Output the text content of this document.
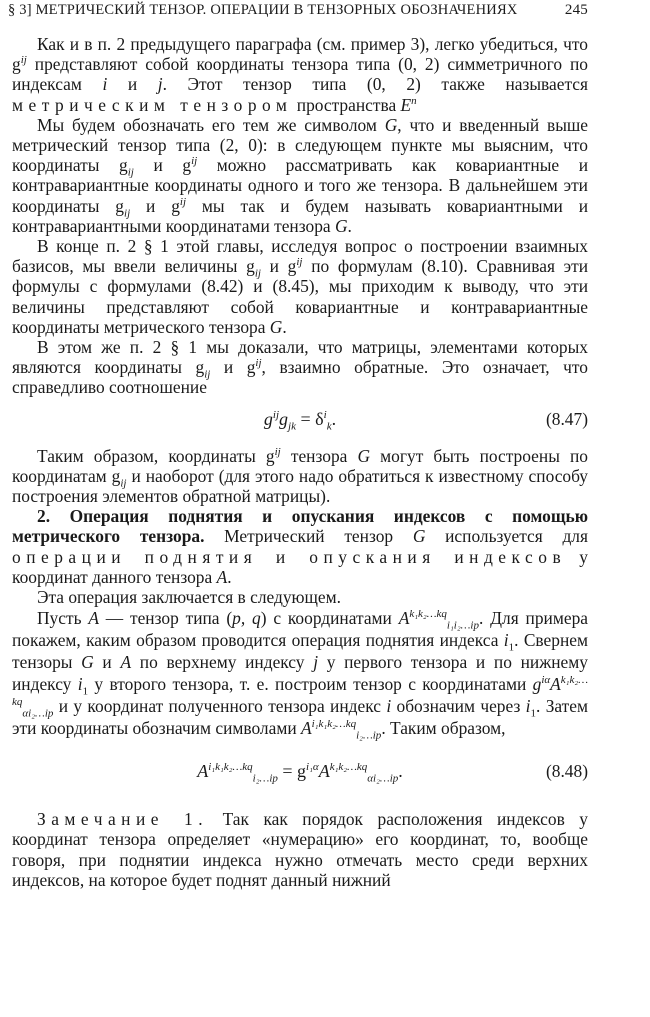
§ 3] МЕТРИЧЕСКИЙ ТЕНЗОР. ОПЕРАЦИИ В ТЕНЗОРНЫХ ОБОЗНАЧЕНИЯХ	245

Как и в п. 2 предыдущего параграфа (см. пример 3), легко убедиться, что $g^{ij}$ представляют собой координаты тензора типа (0, 2) симметричного по индексам i и j. Этот тензор типа (0, 2) также называется метрическим тензором пространства $E^n$

Мы будем обозначать его тем же символом G, что и введенный выше метрический тензор типа (2, 0): в следующем пункте мы выясним, что координаты $g_{ij}$ и $g^{ij}$ можно рассматривать как ковариантные и контравариантные координаты одного и того же тензора. В дальнейшем эти координаты $g_{ij}$ и $g^{ij}$ мы так и будем называть ковариантными и контравариантными координатами тензора G.

В конце п. 2 § 1 этой главы, исследуя вопрос о построении взаимных базисов, мы ввели величины $g_{ij}$ и $g^{ij}$ по формулам (8.10). Сравнивая эти формулы с формулами (8.42) и (8.45), мы приходим к выводу, что эти величины представляют собой ковариантные и контравариантные координаты метрического тензора G.

В этом же п. 2 § 1 мы доказали, что матрицы, элементами которых являются координаты $g_{ij}$ и $g^{ij}$, взаимно обратные. Это означает, что справедливо соотношение

$g^{ij}g_{jk} = \delta^i_k$.	(8.47)

Таким образом, координаты $g^{ij}$ тензора G могут быть построены по координатам $g_{ij}$ и наоборот (для этого надо обратиться к известному способу построения элементов обратной матрицы).

2. Операция поднятия и опускания индексов с помощью метрического тензора. Метрический тензор G используется для операции поднятия и опускания индексов у координат данного тензора A.

Эта операция заключается в следующем.

Пусть A — тензор типа (p, q) с координатами $A^{k_1k_2\dots kq}_{i_1i_2\dots ip}$. Для примера покажем, каким образом проводится операция поднятия индекса $i_1$. Свернем тензоры G и A по верхнему индексу j у первого тензора и по нижнему индексу $i_1$ у второго тензора, т. е. построим тензор с координатами $g^{i\alpha}A^{k_1k_2\dots kq}_{\alpha i_2\dots ip}$ и у координат полученного тензора индекс i обозначим через $i_1$. Затем эти координаты обозначим символами $A^{i_1k_1k_2\dots kq}_{i_2\dots ip}$. Таким образом,

$A^{i_1k_1k_2\dots kq}_{i_2\dots ip} = g^{i_1\alpha}A^{k_1k_2\dots kq}_{\alpha i_2\dots ip}$.	(8.48)

Замечание 1. Так как порядок расположения индексов у координат тензора определяет «нумерацию» его координат, то, вообще говоря, при поднятии индекса нужно отмечать место среди верхних индексов, на которое будет поднят данный нижний
